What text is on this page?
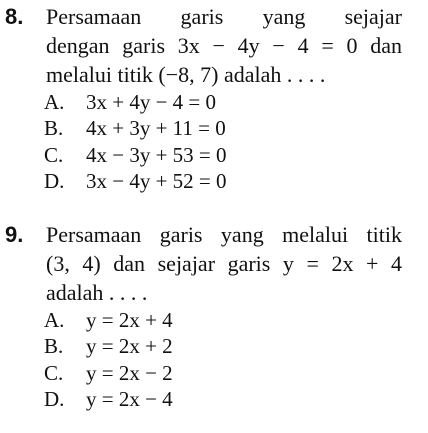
8. Persamaan garis yang sejajar
dengan garis 3x − 4y − 4 = 0 dan
melalui titik (−8, 7) adalah . . . .
A.	3x + 4y − 4 = 0
B.	4x + 3y + 11 = 0
C.	4x − 3y + 53 = 0
D.	3x − 4y + 52 = 0
9. Persamaan garis yang melalui titik
(3, 4) dan sejajar garis y = 2x + 4
adalah . . . .
A.	y = 2x + 4
B.	y = 2x + 2
C.	y = 2x − 2
D.	y = 2x − 4
